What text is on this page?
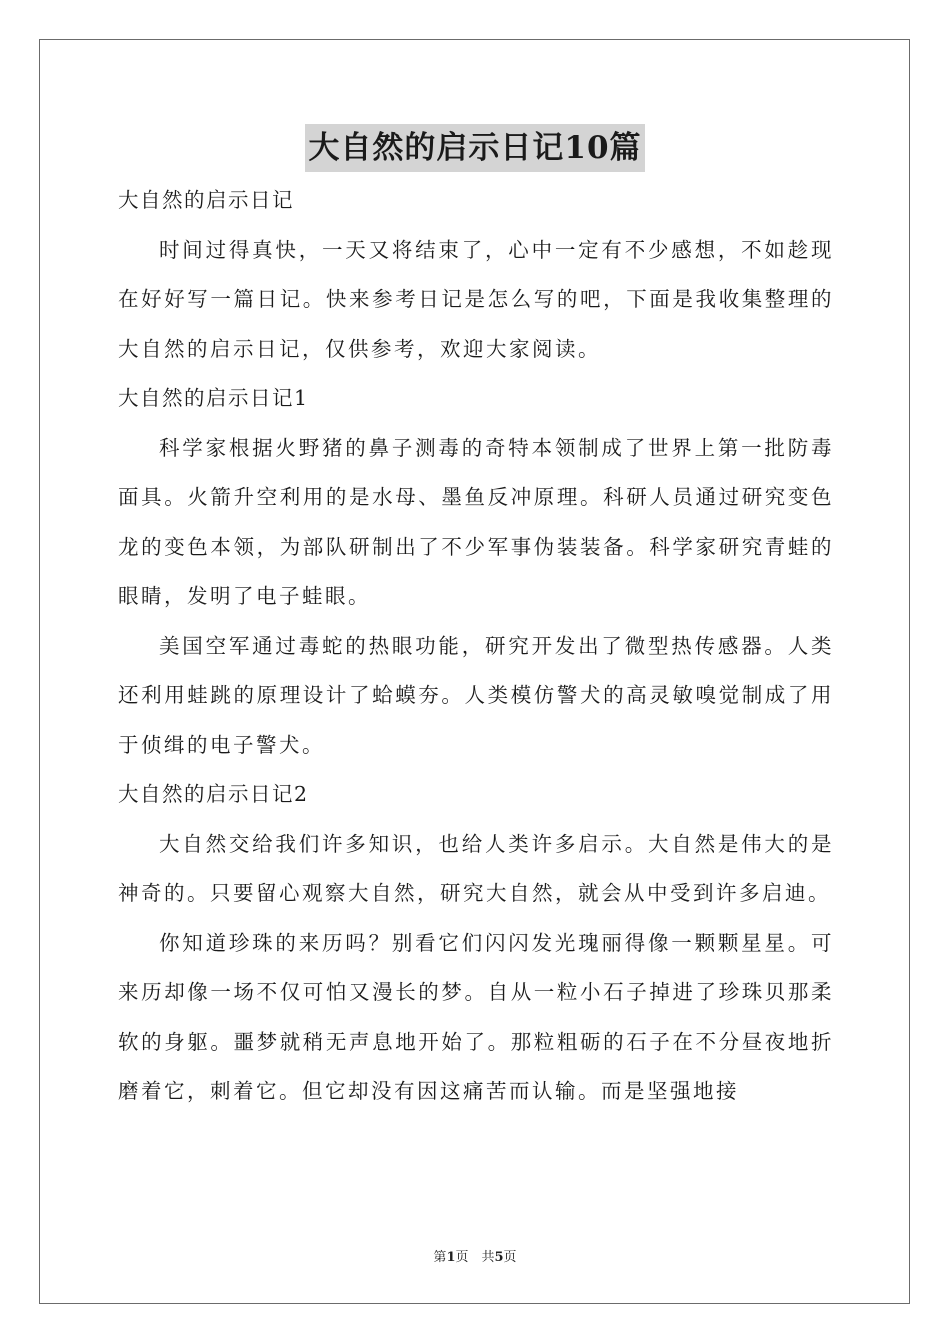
大自然的启示日记10篇

大自然的启示日记

时间过得真快，一天又将结束了，心中一定有不少感想，不如趁现在好好写一篇日记。快来参考日记是怎么写的吧，下面是我收集整理的大自然的启示日记，仅供参考，欢迎大家阅读。

大自然的启示日记1

科学家根据火野猪的鼻子测毒的奇特本领制成了世界上第一批防毒面具。火箭升空利用的是水母、墨鱼反冲原理。科研人员通过研究变色龙的变色本领，为部队研制出了不少军事伪装装备。科学家研究青蛙的眼睛，发明了电子蛙眼。

美国空军通过毒蛇的热眼功能，研究开发出了微型热传感器。人类还利用蛙跳的原理设计了蛤蟆夯。人类模仿警犬的高灵敏嗅觉制成了用于侦缉的电子警犬。

大自然的启示日记2

大自然交给我们许多知识，也给人类许多启示。大自然是伟大的是神奇的。只要留心观察大自然，研究大自然，就会从中受到许多启迪。

你知道珍珠的来历吗？别看它们闪闪发光瑰丽得像一颗颗星星。可来历却像一场不仅可怕又漫长的梦。自从一粒小石子掉进了珍珠贝那柔软的身躯。噩梦就稍无声息地开始了。那粒粗砺的石子在不分昼夜地折磨着它，刺着它。但它却没有因这痛苦而认输。而是坚强地接

第1页　共5页
